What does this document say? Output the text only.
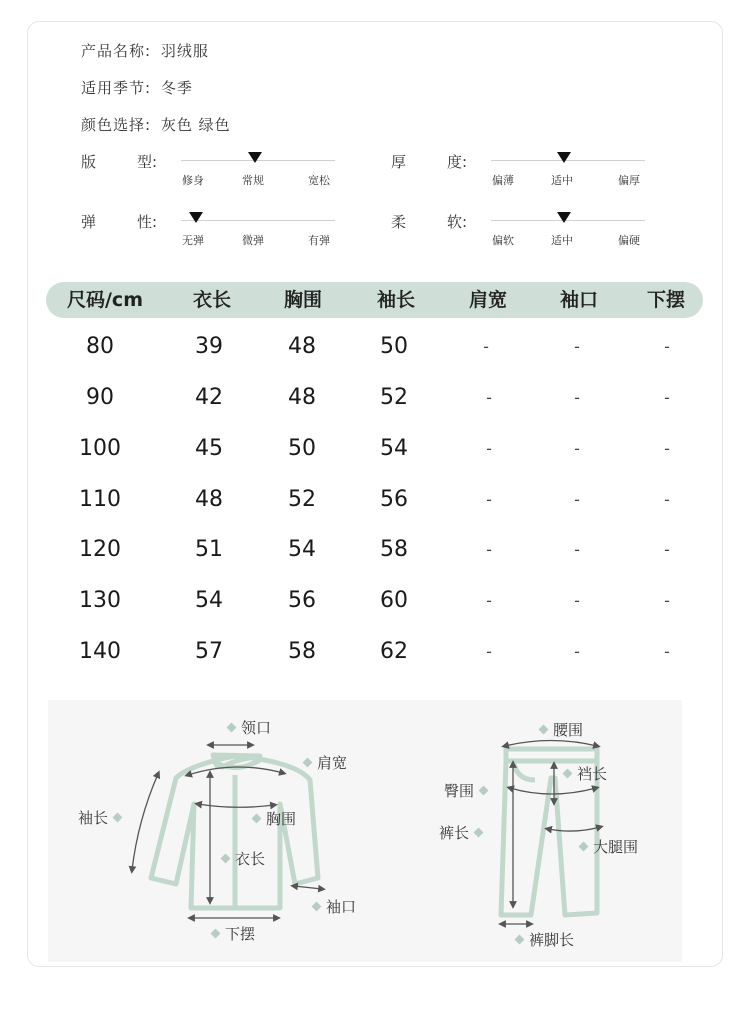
产品名称: 羽绒服
适用季节: 冬季
颜色选择: 灰色 绿色
版	型:
修身	常规	宽松
厚	度:
偏薄	适中	偏厚
弹	性:
无弹	微弹	有弹
柔	软:
偏软	适中	偏硬
尺码/cm	衣长	胸围	袖长	肩宽	袖口	下摆
80	39	48	50	-	-	-
90	42	48	52	-	-	-
100	45	50	54	-	-	-
110	48	52	56	-	-	-
120	51	54	58	-	-	-
130	54	56	60	-	-	-
140	57	58	62	-	-	-
领口
肩宽
袖长	胸围
衣长
袖口
下摆
腰围
裆长
臀围
裤长
大腿围
裤脚长
